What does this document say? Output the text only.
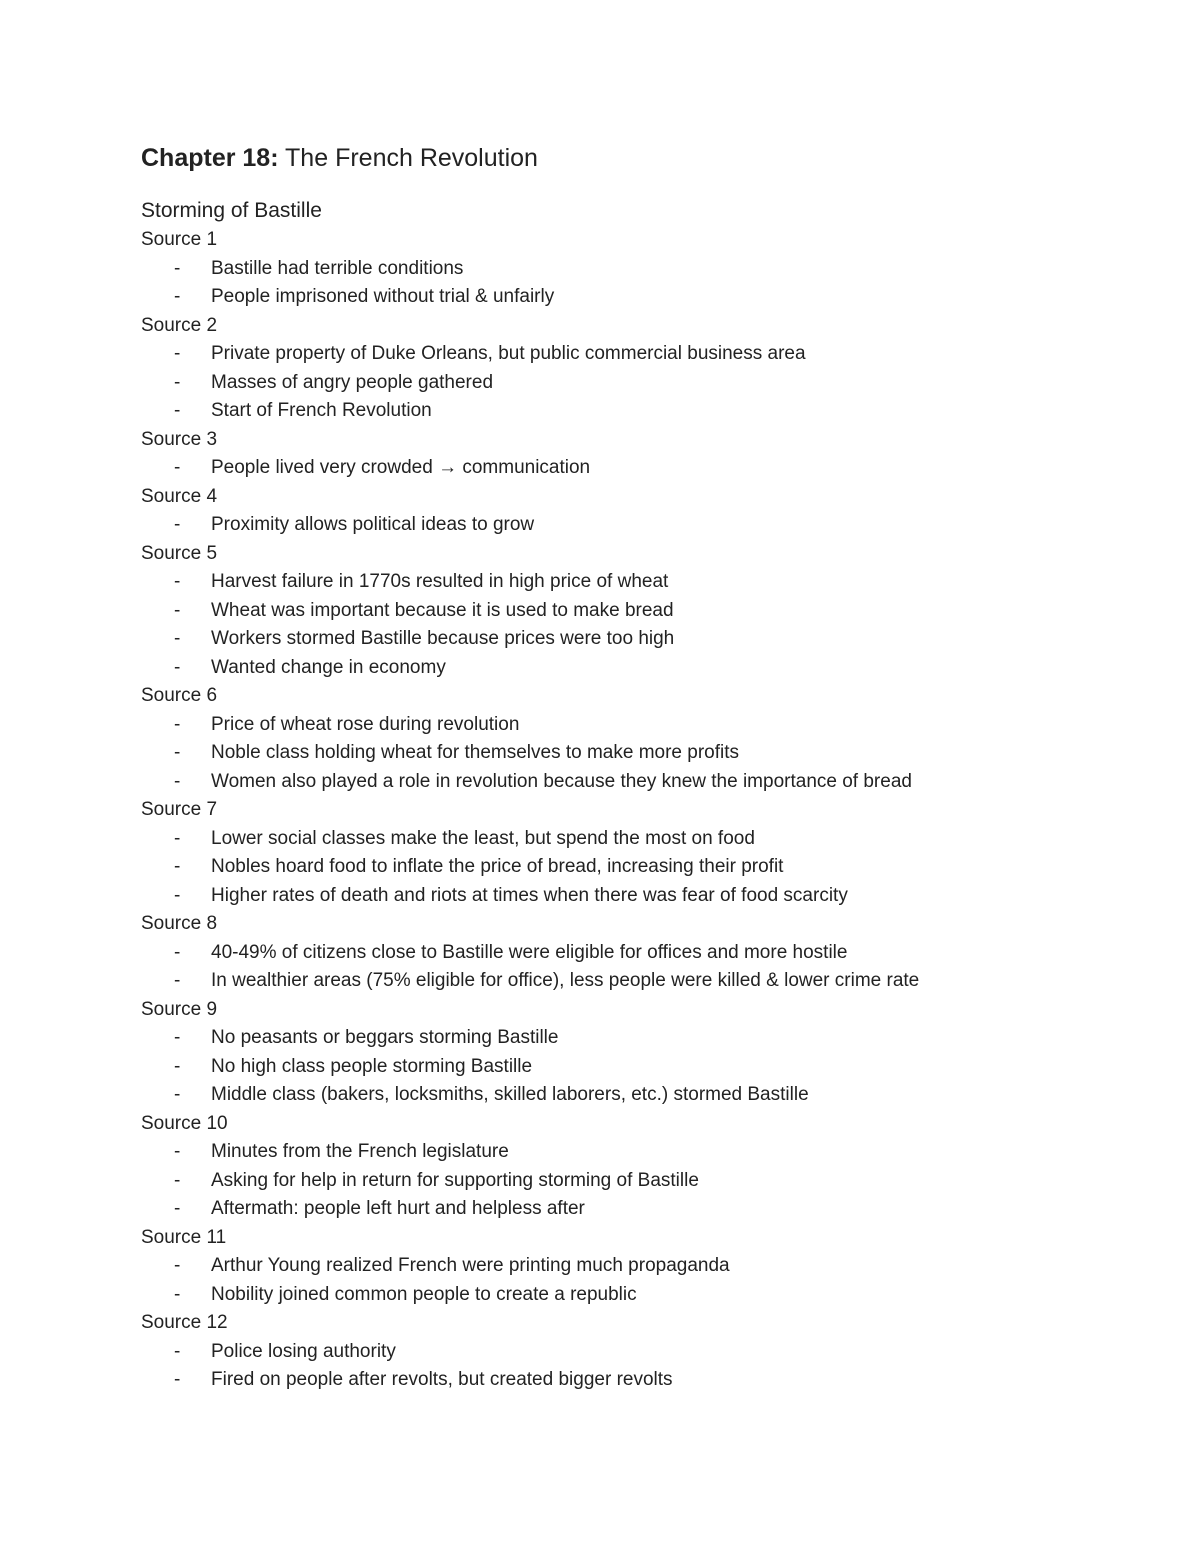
Chapter 18: The French Revolution
Storming of Bastille
Source 1
- Bastille had terrible conditions
- People imprisoned without trial & unfairly
Source 2
- Private property of Duke Orleans, but public commercial business area
- Masses of angry people gathered
- Start of French Revolution
Source 3
- People lived very crowded → communication
Source 4
- Proximity allows political ideas to grow
Source 5
- Harvest failure in 1770s resulted in high price of wheat
- Wheat was important because it is used to make bread
- Workers stormed Bastille because prices were too high
- Wanted change in economy
Source 6
- Price of wheat rose during revolution
- Noble class holding wheat for themselves to make more profits
- Women also played a role in revolution because they knew the importance of bread
Source 7
- Lower social classes make the least, but spend the most on food
- Nobles hoard food to inflate the price of bread, increasing their profit
- Higher rates of death and riots at times when there was fear of food scarcity
Source 8
- 40-49% of citizens close to Bastille were eligible for offices and more hostile
- In wealthier areas (75% eligible for office), less people were killed & lower crime rate
Source 9
- No peasants or beggars storming Bastille
- No high class people storming Bastille
- Middle class (bakers, locksmiths, skilled laborers, etc.) stormed Bastille
Source 10
- Minutes from the French legislature
- Asking for help in return for supporting storming of Bastille
- Aftermath: people left hurt and helpless after
Source 11
- Arthur Young realized French were printing much propaganda
- Nobility joined common people to create a republic
Source 12
- Police losing authority
- Fired on people after revolts, but created bigger revolts
